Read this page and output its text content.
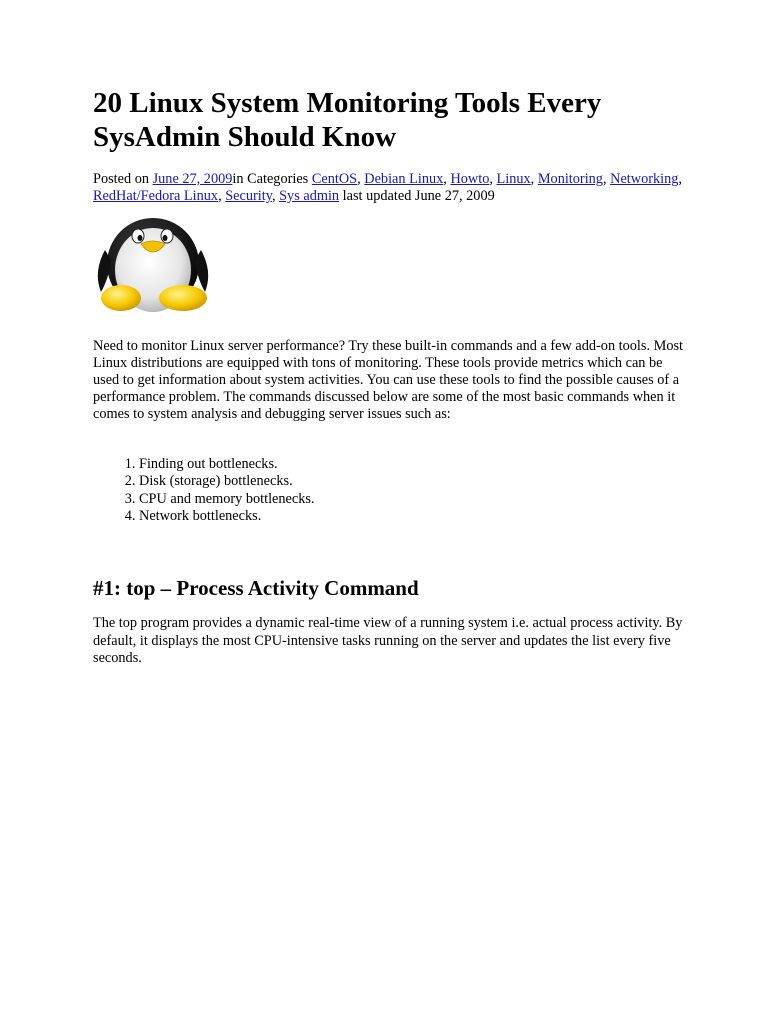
20 Linux System Monitoring Tools Every SysAdmin Should Know

Posted on June 27, 2009in Categories CentOS, Debian Linux, Howto, Linux, Monitoring, Networking, RedHat/Fedora Linux, Security, Sys admin last updated June 27, 2009

Need to monitor Linux server performance? Try these built-in commands and a few add-on tools. Most Linux distributions are equipped with tons of monitoring. These tools provide metrics which can be used to get information about system activities. You can use these tools to find the possible causes of a performance problem. The commands discussed below are some of the most basic commands when it comes to system analysis and debugging server issues such as:

1. Finding out bottlenecks.
2. Disk (storage) bottlenecks.
3. CPU and memory bottlenecks.
4. Network bottlenecks.
#1: top – Process Activity Command

The top program provides a dynamic real-time view of a running system i.e. actual process activity. By default, it displays the most CPU-intensive tasks running on the server and updates the list every five seconds.
